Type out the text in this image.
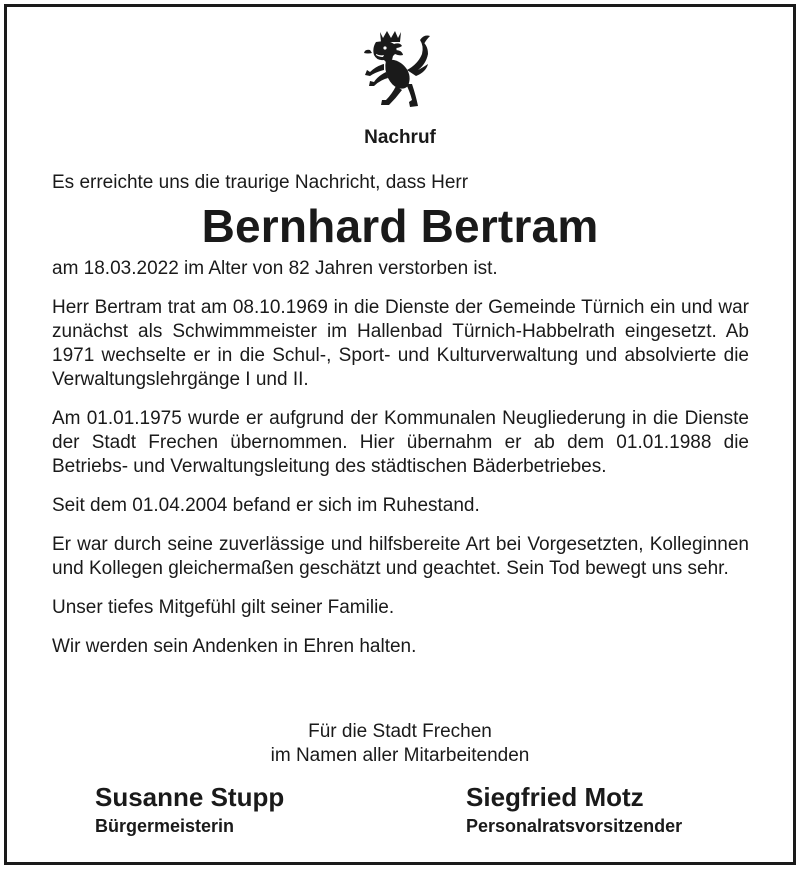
Nachruf
Es erreichte uns die traurige Nachricht, dass Herr
Bernhard Bertram

am 18.03.2022 im Alter von 82 Jahren verstorben ist.

Herr Bertram trat am 08.10.1969 in die Dienste der Gemeinde Türnich ein und war zunächst als Schwimmmeister im Hallenbad Türnich-Habbelrath eingesetzt. Ab 1971 wechselte er in die Schul-, Sport- und Kulturverwaltung und absolvierte die Verwaltungslehrgänge I und II.

Am 01.01.1975 wurde er aufgrund der Kommunalen Neugliederung in die Dienste der Stadt Frechen übernommen. Hier übernahm er ab dem 01.01.1988 die Betriebs- und Verwaltungsleitung des städtischen Bäderbetriebes.

Seit dem 01.04.2004 befand er sich im Ruhestand.

Er war durch seine zuverlässige und hilfsbereite Art bei Vorgesetzten, Kolleginnen und Kollegen gleichermaßen geschätzt und geachtet. Sein Tod bewegt uns sehr.

Unser tiefes Mitgefühl gilt seiner Familie.

Wir werden sein Andenken in Ehren halten.

Für die Stadt Frechen
im Namen aller Mitarbeitenden
Susanne Stupp
Bürgermeisterin
Siegfried Motz
Personalratsvorsitzender
